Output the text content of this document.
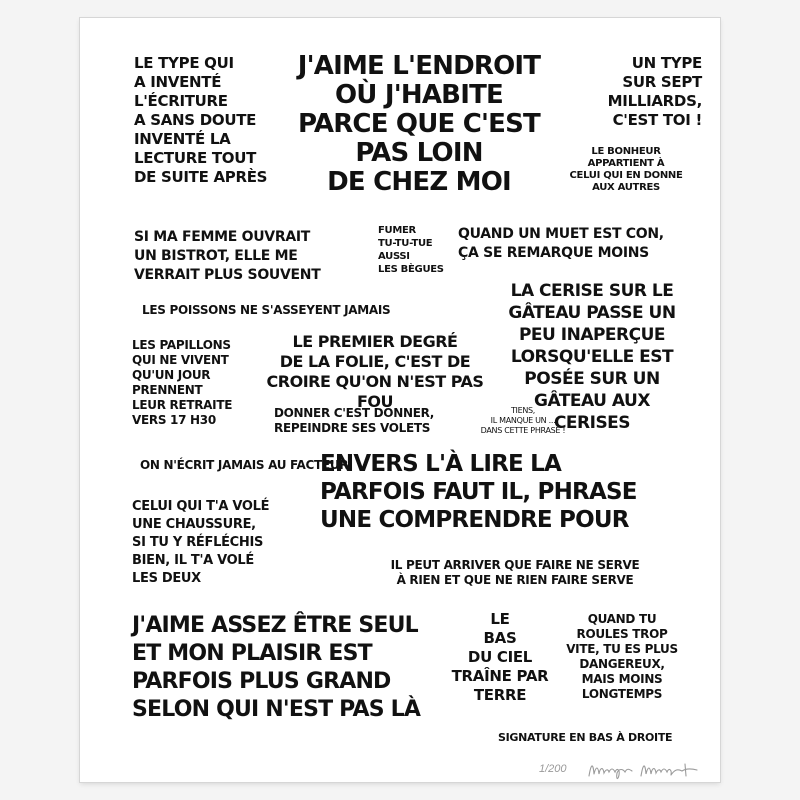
LE TYPE QUI
A INVENTÉ
L'ÉCRITURE
A SANS DOUTE
INVENTÉ LA
LECTURE TOUT
DE SUITE APRÈS

J'AIME L'ENDROIT
OÙ J'HABITE
PARCE QUE C'EST
PAS LOIN
DE CHEZ MOI

UN TYPE
SUR SEPT
MILLIARDS,
C'EST TOI !

LE BONHEUR
APPARTIENT À
CELUI QUI EN DONNE
AUX AUTRES

SI MA FEMME OUVRAIT
UN BISTROT, ELLE ME
VERRAIT PLUS SOUVENT

FUMER
TU-TU-TUE
AUSSI
LES BÈGUES

QUAND UN MUET EST CON,
ÇA SE REMARQUE MOINS

LES POISSONS NE S'ASSEYENT JAMAIS

LA CERISE SUR LE
GÂTEAU PASSE UN
PEU INAPERÇUE
LORSQU'ELLE EST
POSÉE SUR UN
GÂTEAU AUX
CERISES

LES PAPILLONS
QUI NE VIVENT
QU'UN JOUR
PRENNENT
LEUR RETRAITE
VERS 17 H30

LE PREMIER DEGRÉ
DE LA FOLIE, C'EST DE
CROIRE QU'ON N'EST PAS FOU

DONNER C'EST DONNER,
REPEINDRE SES VOLETS

TIENS,
IL MANQUE UN ...
DANS CETTE PHRASE !

ON N'ÉCRIT JAMAIS AU FACTEUR

ENVERS L'À LIRE LA
PARFOIS FAUT IL, PHRASE
UNE COMPRENDRE POUR

CELUI QUI T'A VOLÉ
UNE CHAUSSURE,
SI TU Y RÉFLÉCHIS
BIEN, IL T'A VOLÉ
LES DEUX

IL PEUT ARRIVER QUE FAIRE NE SERVE
À RIEN ET QUE NE RIEN FAIRE SERVE

J'AIME ASSEZ ÊTRE SEUL
ET MON PLAISIR EST
PARFOIS PLUS GRAND
SELON QUI N'EST PAS LÀ

LE
BAS
DU CIEL
TRAÎNE PAR
TERRE

QUAND TU
ROULES TROP
VITE, TU ES PLUS
DANGEREUX,
MAIS MOINS
LONGTEMPS

SIGNATURE EN BAS À DROITE

1/200
